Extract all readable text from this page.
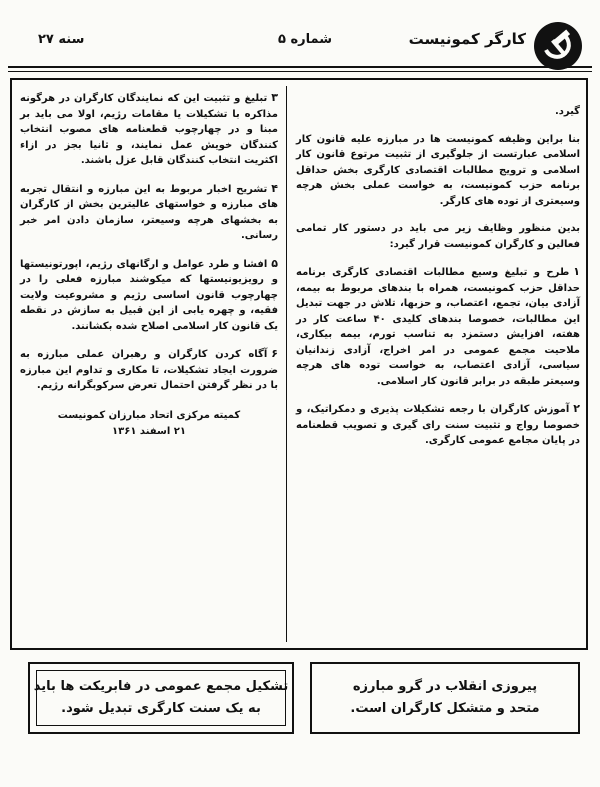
کارگر کمونیست
شماره ۵
سنه ۲۷

گیرد.

بنا براین وظیفه کمونیست ها در مبارزه علیه قانون کار اسلامی عبارتست از جلوگیری از تثبیت مرتوع قانون کار اسلامی و ترویج مطالبات اقتصادی کارگری بخش حداقل برنامه حزب کمونیست، به خواست عملی بخش هرچه وسیعتری از توده های کارگر.

بدین منظور وظایف زیر می باید در دستور کار تمامی فعالین و کارگران کمونیست قرار گیرد:

۱طرح و تبلیغ وسیع مطالبات اقتصادی کارگری برنامه حداقل حزب کمونیست، همراه با بندهای مربوط به بیمه، آزادی بیان، تجمع، اعتصاب، و حزبها، تلاش در جهت تبدیل این مطالبات، خصوصا بندهای کلیدی ۴۰ ساعت کار در هفته، افزایش دستمزد به تناسب تورم، بیمه بیکاری، ملاحیت مجمع عمومی در امر اخراج، آزادی زندانیان سیاسی، آزادی اعتصاب، به خواست توده های هرچه وسیعتر طبقه در برابر قانون کار اسلامی.

۲آموزش کارگران با رجعه تشکیلات پذیری و دمکراتیک، و خصوصا رواج و تثبیت سنت رای گیری و تصویب قطعنامه در پایان مجامع عمومی کارگری.

۳تبلیغ و تثبیت این که نمایندگان کارگران در هرگونه مذاکره با تشکیلات یا مقامات رژیم، اولا می باید بر مبنا و در چهارچوب قطعنامه های مصوب انتخاب کنندگان خویش عمل نمایند، و ثانیا بجز در ازاء اکثریت انتخاب کنندگان قابل عزل باشند.

۴تشریح اخبار مربوط به این مبارزه و انتقال تجربه های مبارزه و خواستهای عالیترین بخش از کارگران به بخشهای هرچه وسیعتر، سازمان دادن امر خبر رسانی.

۵افشا و طرد عوامل و ارگانهای رژیم، اپورتونیستها و رویزیونیستها که میکوشند مبارزه فعلی را در چهارچوب قانون اساسی رژیم و مشروعیت ولایت فقیه، و چهره یابی از این قبیل به سازش در نقطه یک قانون کار اسلامی اصلاح شده بکشانند.

۶آگاه کردن کارگران و رهبران عملی مبارزه به ضرورت ایجاد تشکیلات، تا مکاری و تداوم این مبارزه با در نظر گرفتن احتمال تعرض سرکوبگرانه رژیم.

کمیته مرکزی اتحاد مبارزان کمونیست
۲۱ اسفند ۱۳۶۱
تشکیل مجمع عمومی در فابریکت ها باید
به یک سنت کارگری تبدیل شود.
پیروزی انقلاب در گرو مبارزه
متحد و متشکل کارگران است.
